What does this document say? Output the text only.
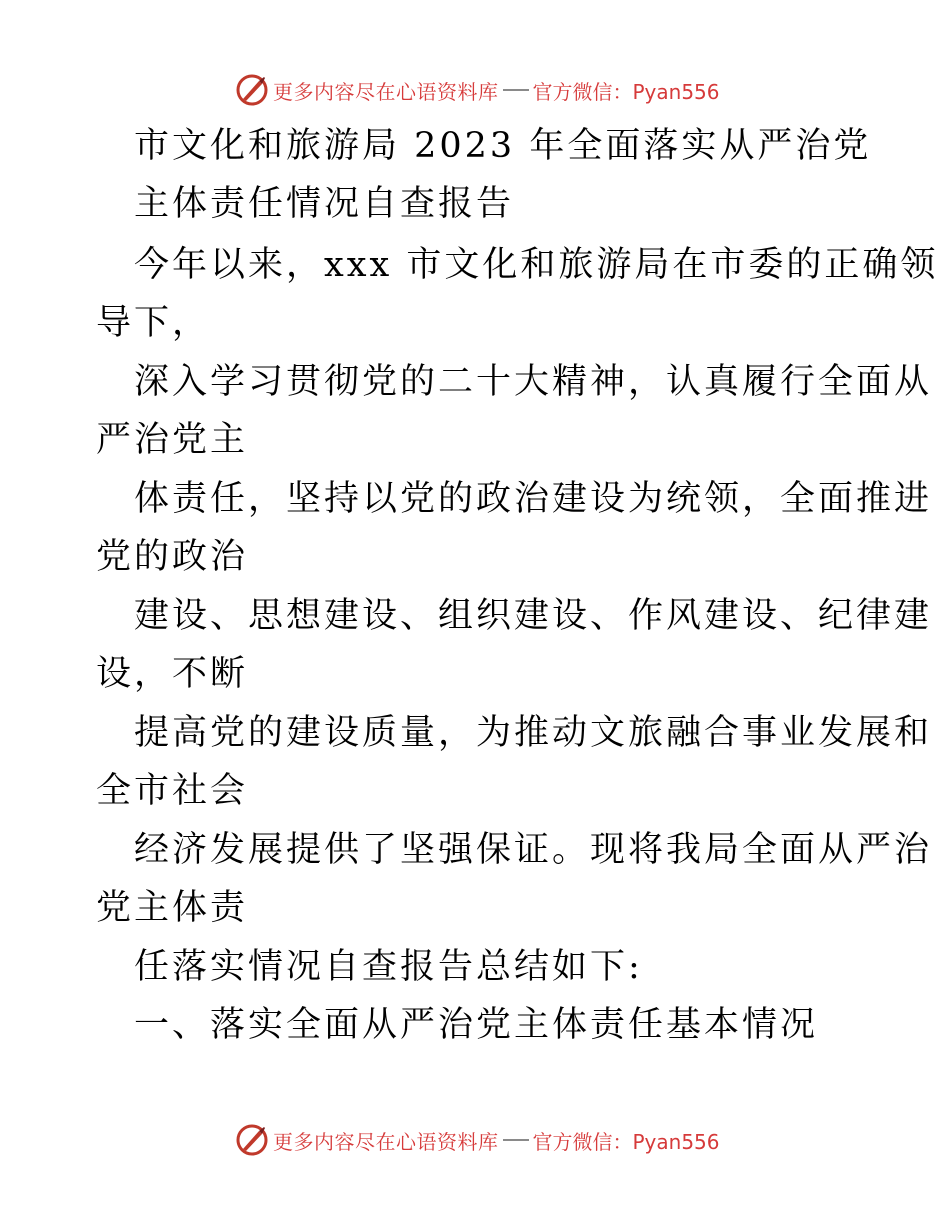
更多内容尽在心语资料库 官方微信：Pyan556
市文化和旅游局 2023 年全面落实从严治党
主体责任情况自查报告
今年以来，xxx 市文化和旅游局在市委的正确领
导下，
深入学习贯彻党的二十大精神，认真履行全面从
严治党主
体责任，坚持以党的政治建设为统领，全面推进
党的政治
建设、思想建设、组织建设、作风建设、纪律建
设，不断
提高党的建设质量，为推动文旅融合事业发展和
全市社会
经济发展提供了坚强保证。现将我局全面从严治
党主体责
任落实情况自查报告总结如下:
一、落实全面从严治党主体责任基本情况
更多内容尽在心语资料库 官方微信：Pyan556
